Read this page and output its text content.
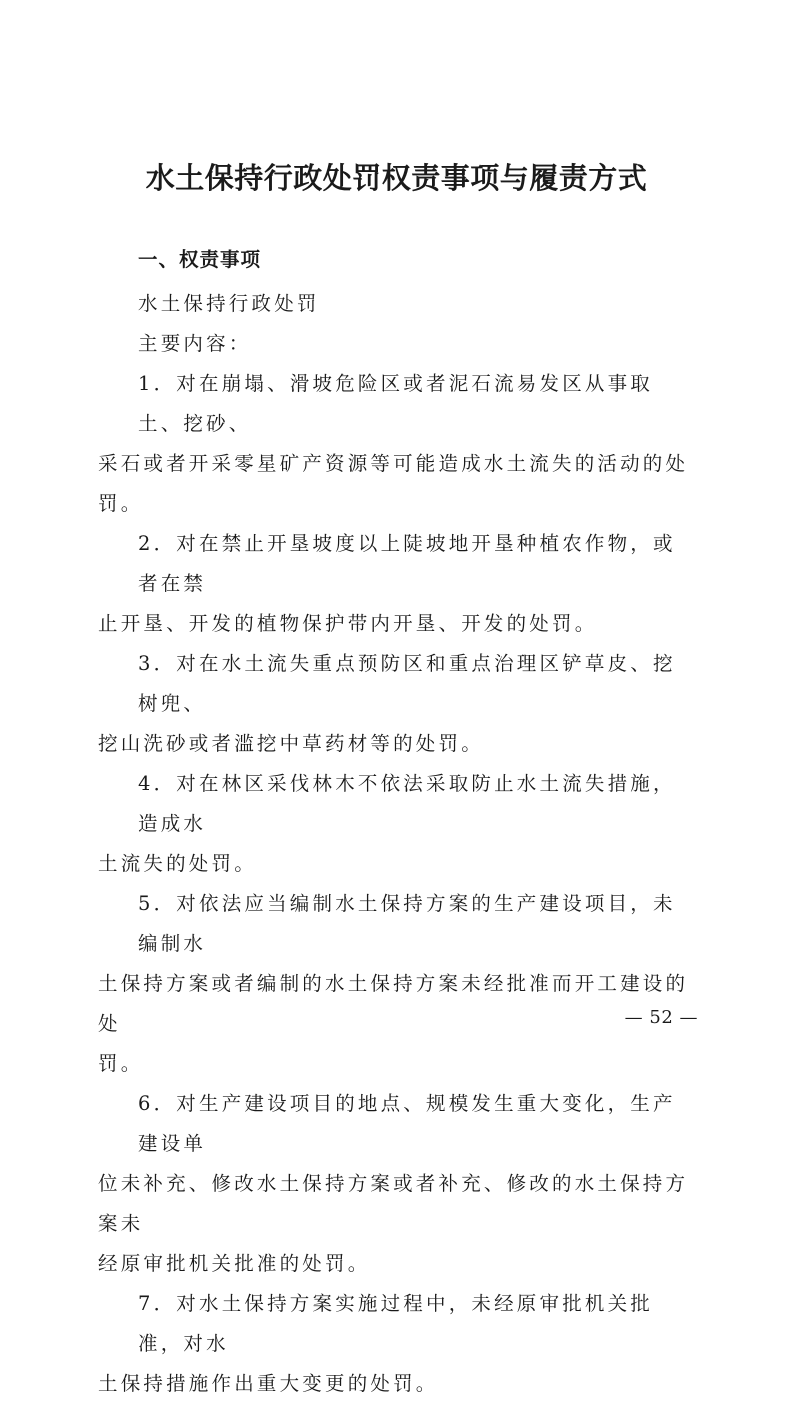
水土保持行政处罚权责事项与履责方式
一、权责事项

水土保持行政处罚

主要内容：

1．对在崩塌、滑坡危险区或者泥石流易发区从事取土、挖砂、

采石或者开采零星矿产资源等可能造成水土流失的活动的处罚。

2．对在禁止开垦坡度以上陡坡地开垦种植农作物，或者在禁

止开垦、开发的植物保护带内开垦、开发的处罚。

3．对在水土流失重点预防区和重点治理区铲草皮、挖树兜、

挖山洗砂或者滥挖中草药材等的处罚。

4．对在林区采伐林木不依法采取防止水土流失措施，造成水

土流失的处罚。

5．对依法应当编制水土保持方案的生产建设项目，未编制水

土保持方案或者编制的水土保持方案未经批准而开工建设的处

罚。

6．对生产建设项目的地点、规模发生重大变化，生产建设单

位未补充、修改水土保持方案或者补充、修改的水土保持方案未

经原审批机关批准的处罚。

7．对水土保持方案实施过程中，未经原审批机关批准，对水

土保持措施作出重大变更的处罚。

— 52 —
